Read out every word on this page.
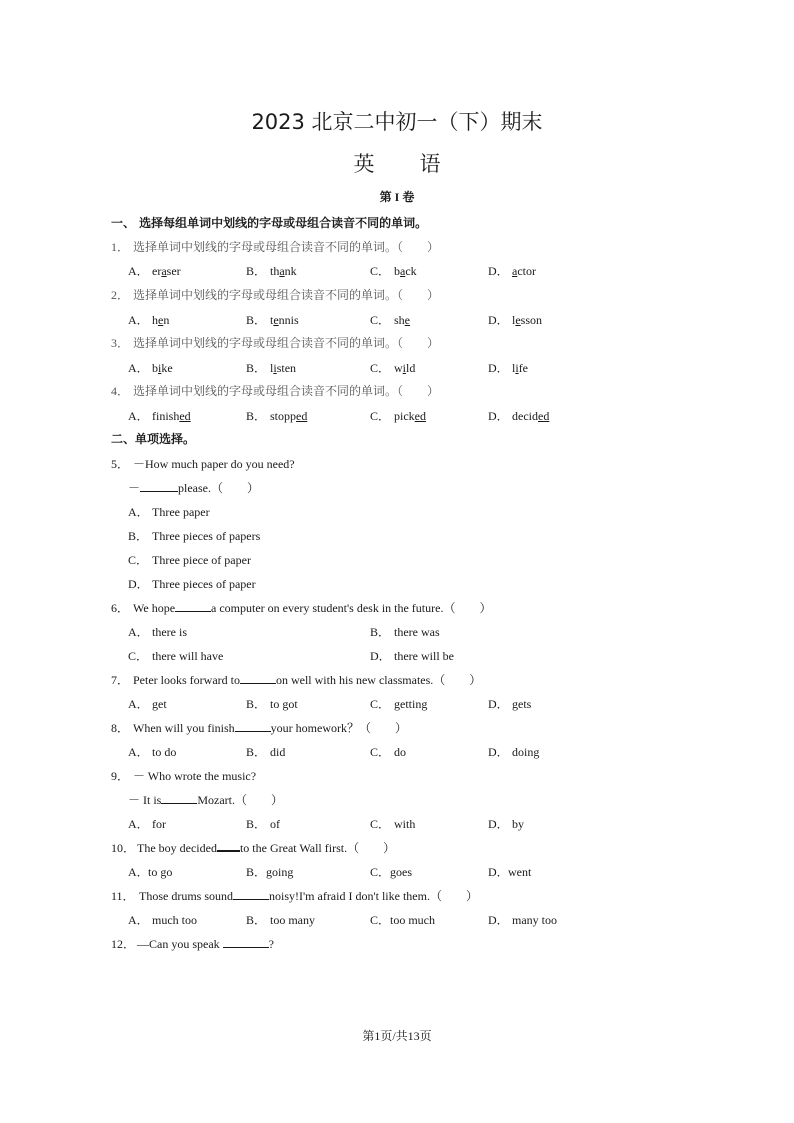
2023 北京二中初一（下）期末
英语
第 I 卷
一、 选择每组单词中划线的字母或母组合读音不同的单词。
1． 选择单词中划线的字母或母组合读音不同的单词。（　　）
A． eraser	B． thank	C． back	D． actor
2． 选择单词中划线的字母或母组合读音不同的单词。（　　）
A． hen	B． tennis	C． she	D． lesson
3． 选择单词中划线的字母或母组合读音不同的单词。（　　）
A． bike	B． listen	C． wild	D． life
4． 选择单词中划线的字母或母组合读音不同的单词。（　　）
A． finished	B． stopped	C． picked	D． decided
二、单项选择。
5． －How much paper do you need?
－	please.（　　）
A． Three paper
B． Three pieces of papers
C． Three piece of paper
D． Three pieces of paper
6． We hope	a computer on every student's desk in the future.（　　）
A． there is	B． there was
C． there will have	D． there will be
7． Peter looks forward to	on well with his new classmates.（　　）
A． get	B． to got	C． getting	D． gets
8． When will you finish	your homework？（　　）
A． to do	B． did	C． do	D． doing
9． － Who wrote the music?
－ It is	Mozart.（　　）
A． for	B． of	C． with	D． by
10． The boy decided to the Great Wall first.（　　）
A．to go	B．going	C．goes	D．went
11． Those drums sound	noisy!I'm afraid I don't like them.（　　）
A． much too	B． too many	C．too much	D． many too
12． —Can you speak	?
第1页/共13页
